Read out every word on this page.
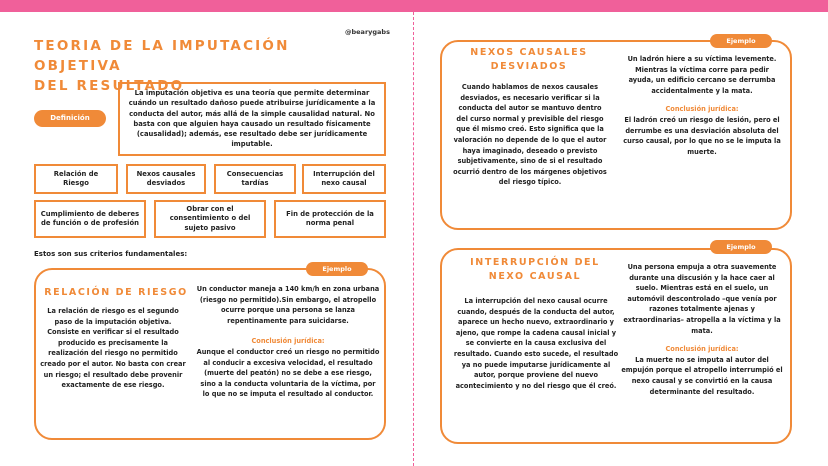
TEORIA DE LA IMPUTACIÓN OBJETIVA
DEL RESULTADO
@bearygabs
Definición
La imputación objetiva es una teoría que permite determinar cuándo un resultado dañoso puede atribuirse jurídicamente a la conducta del autor, más allá de la simple causalidad natural. No basta con que alguien haya causado un resultado físicamente (causalidad); además, ese resultado debe ser jurídicamente imputable.
Relación de Riesgo
Nexos causales desviados
Consecuencias tardías
Interrupción del nexo causal
Cumplimiento de deberes de función o de profesión
Obrar con el consentimiento o del sujeto pasivo
Fin de protección de la norma penal
Estos son sus criterios fundamentales:
Ejemplo
RELACIÓN DE RIESGO
La relación de riesgo es el segundo paso de la imputación objetiva. Consiste en verificar si el resultado producido es precisamente la realización del riesgo no permitido creado por el autor. No basta con crear un riesgo; el resultado debe provenir exactamente de ese riesgo.
Un conductor maneja a 140 km/h en zona urbana (riesgo no permitido).Sin embargo, el atropello ocurre porque una persona se lanza repentinamente para suicidarse.
Conclusión jurídica:
Aunque el conductor creó un riesgo no permitido al conducir a excesiva velocidad, el resultado (muerte del peatón) no se debe a ese riesgo, sino a la conducta voluntaria de la víctima, por lo que no se imputa el resultado al conductor.
Ejemplo
NEXOS CAUSALES
DESVIADOS
Cuando hablamos de nexos causales desviados, es necesario verificar si la conducta del autor se mantuvo dentro del curso normal y previsible del riesgo que él mismo creó. Esto significa que la valoración no depende de lo que el autor haya imaginado, deseado o previsto subjetivamente, sino de si el resultado ocurrió dentro de los márgenes objetivos del riesgo típico.
Un ladrón hiere a su víctima levemente. Mientras la víctima corre para pedir ayuda, un edificio cercano se derrumba accidentalmente y la mata.
Conclusión jurídica:
El ladrón creó un riesgo de lesión, pero el derrumbe es una desviación absoluta del curso causal, por lo que no se le imputa la muerte.
Ejemplo
INTERRUPCIÓN DEL
NEXO CAUSAL
La interrupción del nexo causal ocurre cuando, después de la conducta del autor, aparece un hecho nuevo, extraordinario y ajeno, que rompe la cadena causal inicial y se convierte en la causa exclusiva del resultado. Cuando esto sucede, el resultado ya no puede imputarse jurídicamente al autor, porque proviene del nuevo acontecimiento y no del riesgo que él creó.
Una persona empuja a otra suavemente durante una discusión y la hace caer al suelo. Mientras está en el suelo, un automóvil descontrolado –que venía por razones totalmente ajenas y extraordinarias– atropella a la víctima y la mata.
Conclusión jurídica:
La muerte no se imputa al autor del empujón porque el atropello interrumpió el nexo causal y se convirtió en la causa determinante del resultado.
